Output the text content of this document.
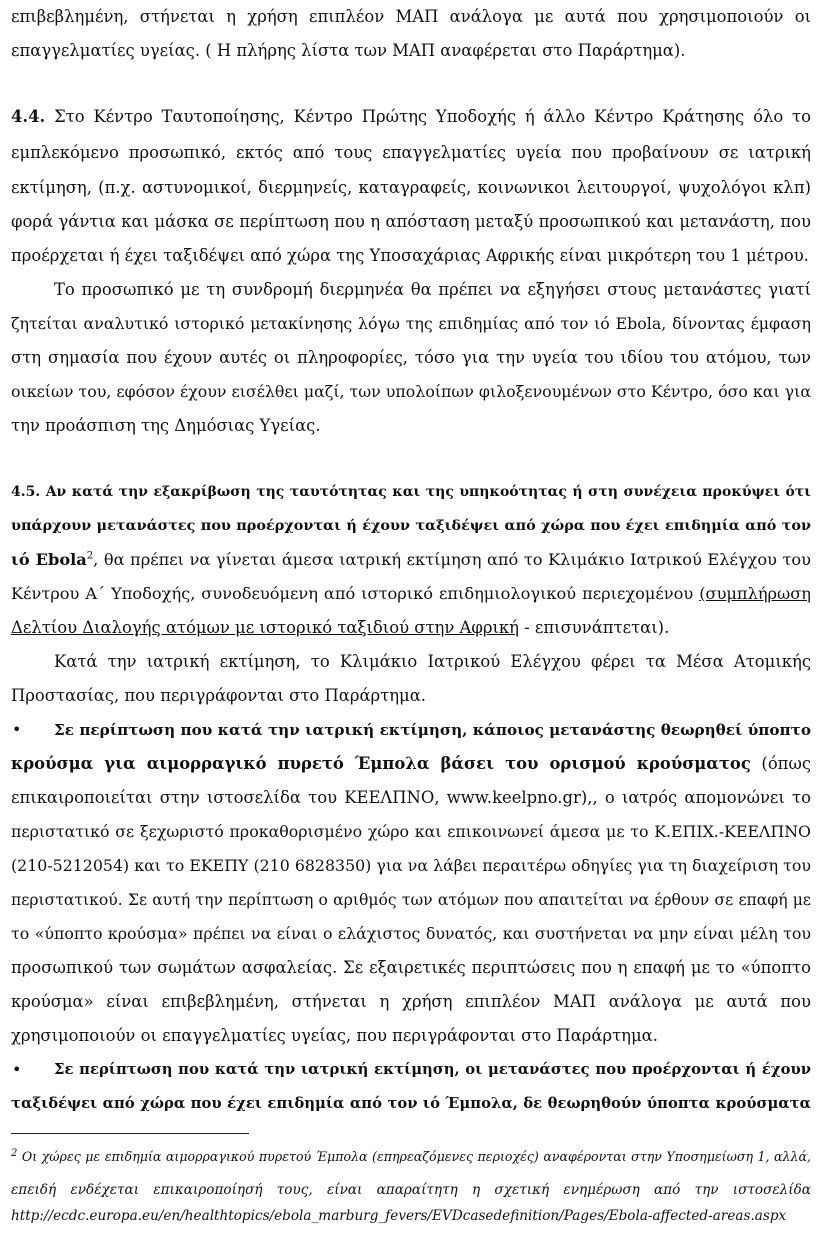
επιβεβλημένη, στήνεται η χρήση επιπλέον ΜΑΠ ανάλογα με αυτά που χρησιμοποιούν οι
επαγγελματίες υγείας. ( Η πλήρης λίστα των ΜΑΠ αναφέρεται στο Παράρτημα).
4.4. Στο Κέντρο Ταυτοποίησης, Κέντρο Πρώτης Υποδοχής ή άλλο Κέντρο Κράτησης όλο το
εμπλεκόμενο προσωπικό, εκτός από τους επαγγελματίες υγεία που προβαίνουν σε ιατρική
εκτίμηση, (π.χ. αστυνομικοί, διερμηνείς, καταγραφείς, κοινωνικοι λειτουργοί, ψυχολόγοι κλπ)
φορά γάντια και μάσκα σε περίπτωση που η απόσταση μεταξύ προσωπικού και μετανάστη, που
προέρχεται ή έχει ταξιδέψει από χώρα της Υποσαχάριας Αφρικής είναι μικρότερη του 1 μέτρου.
Το προσωπικό με τη συνδρομή διερμηνέα θα πρέπει να εξηγήσει στους μετανάστες γιατί
ζητείται αναλυτικό ιστορικό μετακίνησης λόγω της επιδημίας από τον ιό Ebola, δίνοντας έμφαση
στη σημασία που έχουν αυτές οι πληροφορίες, τόσο για την υγεία του ιδίου του ατόμου, των
οικείων του, εφόσον έχουν εισέλθει μαζί, των υπολοίπων φιλοξενουμένων στο Κέντρο, όσο και για
την προάσπιση της Δημόσιας Υγείας.
4.5. Αν κατά την εξακρίβωση της ταυτότητας και της υπηκοότητας ή στη συνέχεια προκύψει ότι
υπάρχουν μετανάστες που προέρχονται ή έχουν ταξιδέψει από χώρα που έχει επιδημία από τον
ιό Ebola$^2$, θα πρέπει να γίνεται άμεσα ιατρική εκτίμηση από το Κλιμάκιο Ιατρικού Ελέγχου του
Κέντρου Α΄ Υποδοχής, συνοδευόμενη από ιστορικό επιδημιολογικού περιεχομένου (συμπλήρωση
Δελτίου Διαλογής ατόμων με ιστορικό ταξιδιού στην Αφρική - επισυνάπτεται).
Κατά την ιατρική εκτίμηση, το Κλιμάκιο Ιατρικού Ελέγχου φέρει τα Μέσα Ατομικής
Προστασίας, που περιγράφονται στο Παράρτημα.
•	Σε περίπτωση που κατά την ιατρική εκτίμηση, κάποιος μετανάστης θεωρηθεί ύποπτο
κρούσμα για αιμορραγικό πυρετό Έμπολα βάσει του ορισμού κρούσματος (όπως
επικαιροποιείται στην ιστοσελίδα του ΚΕΕΛΠΝΟ, www.keelpno.gr),, ο ιατρός απομονώνει το
περιστατικό σε ξεχωριστό προκαθορισμένο χώρο και επικοινωνεί άμεσα με το Κ.ΕΠΙΧ.-ΚΕΕΛΠΝΟ
(210-5212054) και το ΕΚΕΠΥ (210 6828350) για να λάβει περαιτέρω οδηγίες για τη διαχείριση του
περιστατικού. Σε αυτή την περίπτωση ο αριθμός των ατόμων που απαιτείται να έρθουν σε επαφή με
το «ύποπτο κρούσμα» πρέπει να είναι ο ελάχιστος δυνατός, και συστήνεται να μην είναι μέλη του
προσωπικού των σωμάτων ασφαλείας. Σε εξαιρετικές περιπτώσεις που η επαφή με το «ύποπτο
κρούσμα» είναι επιβεβλημένη, στήνεται η χρήση επιπλέον ΜΑΠ ανάλογα με αυτά που
χρησιμοποιούν οι επαγγελματίες υγείας, που περιγράφονται στο Παράρτημα.
•	Σε περίπτωση που κατά την ιατρική εκτίμηση, οι μετανάστες που προέρχονται ή έχουν
ταξιδέψει από χώρα που έχει επιδημία από τον ιό Έμπολα, δε θεωρηθούν ύποπτα κρούσματα
$^2$ Οι χώρες με επιδημία αιμορραγικού πυρετού Έμπολα (επηρεαζόμενες περιοχές) αναφέρονται στην Υποσημείωση 1, αλλά,
επειδή ενδέχεται επικαιροποίησή τους, είναι απαραίτητη η σχετική ενημέρωση από την ιστοσελίδα
http://ecdc.europa.eu/en/healthtopics/ebola_marburg_fevers/EVDcasedefinition/Pages/Ebola-affected-areas.aspx
